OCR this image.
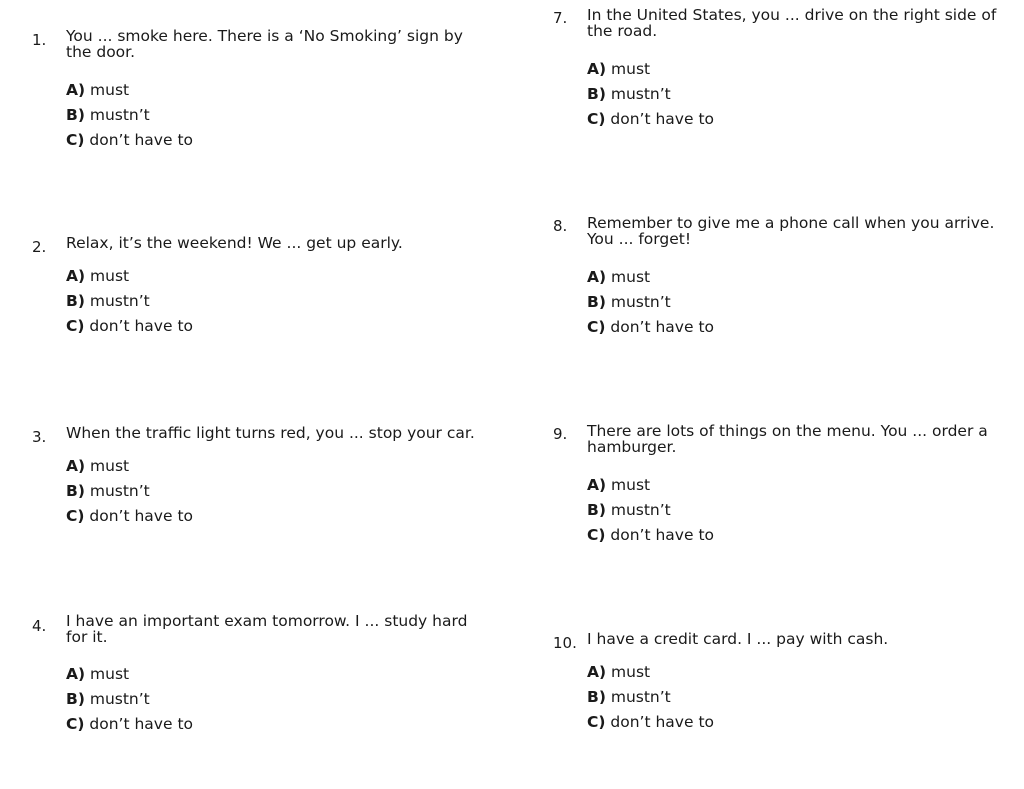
1. You ... smoke here. There is a ‘No Smoking’ sign by
the door.
A) must
B) mustn’t
C) don’t have to
2. Relax, it’s the weekend! We ... get up early.
A) must
B) mustn’t
C) don’t have to
3. When the traﬃc light turns red, you ... stop your car.
A) must
B) mustn’t
C) don’t have to
4. I have an important exam tomorrow. I ... study hard
for it.
A) must
B) mustn’t
C) don’t have to
7. In the United States, you ... drive on the right side of
the road.
A) must
B) mustn’t
C) don’t have to
8. Remember to give me a phone call when you arrive.
You ... forget!
A) must
B) mustn’t
C) don’t have to
9. There are lots of things on the menu. You ... order a
hamburger.
A) must
B) mustn’t
C) don’t have to
10. I have a credit card. I ... pay with cash.
A) must
B) mustn’t
C) don’t have to
